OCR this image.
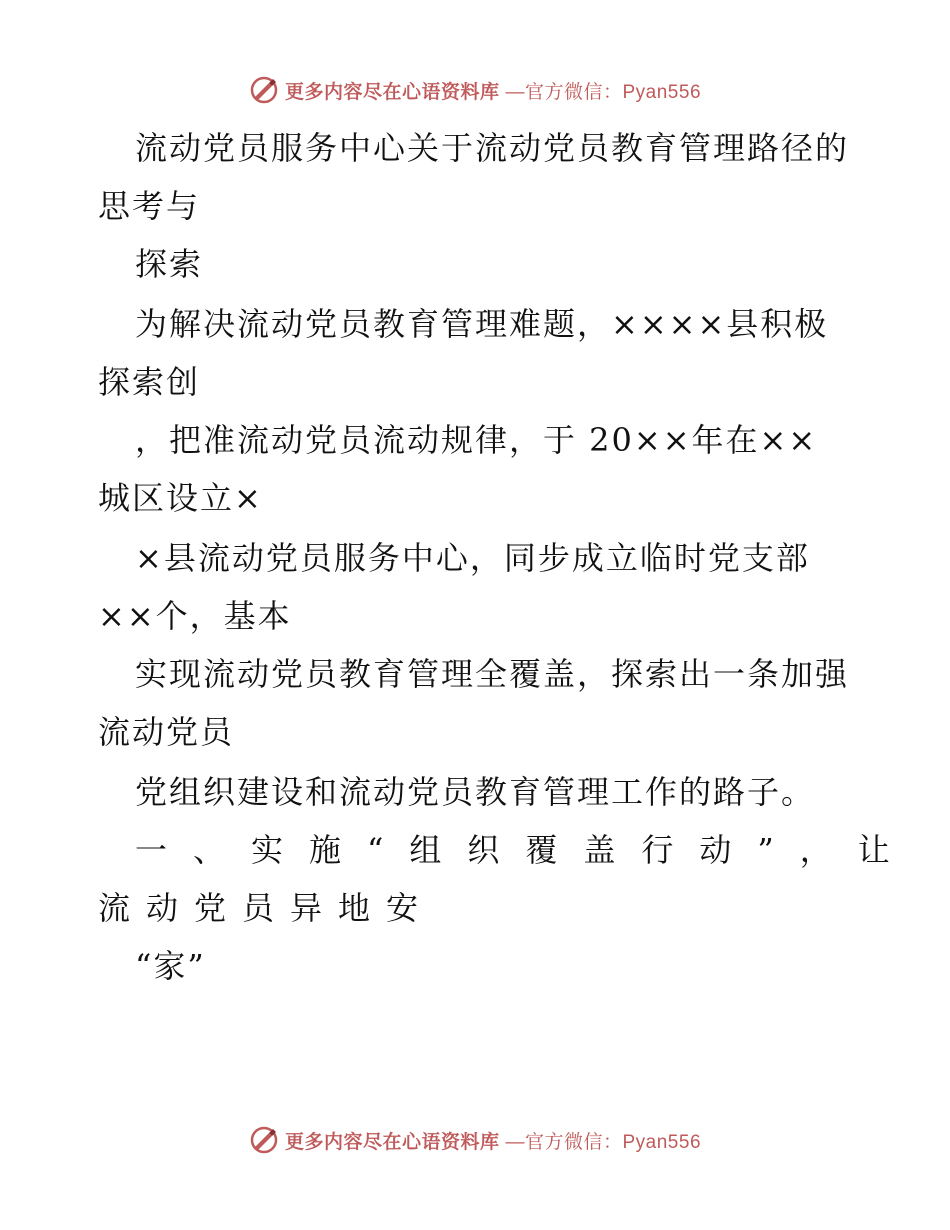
更多内容尽在心语资料库 —官方微信：Pyan556
流动党员服务中心关于流动党员教育管理路径的
思考与
探索
为解决流动党员教育管理难题，××××县积极
探索创
，把准流动党员流动规律，于 20××年在××
城区设立×
×县流动党员服务中心，同步成立临时党支部
××个，基本
实现流动党员教育管理全覆盖，探索出一条加强
流动党员
党组织建设和流动党员教育管理工作的路子。
一、实施“组织覆盖行动”，让
流动党员异地安
“家”
更多内容尽在心语资料库 —官方微信：Pyan556
